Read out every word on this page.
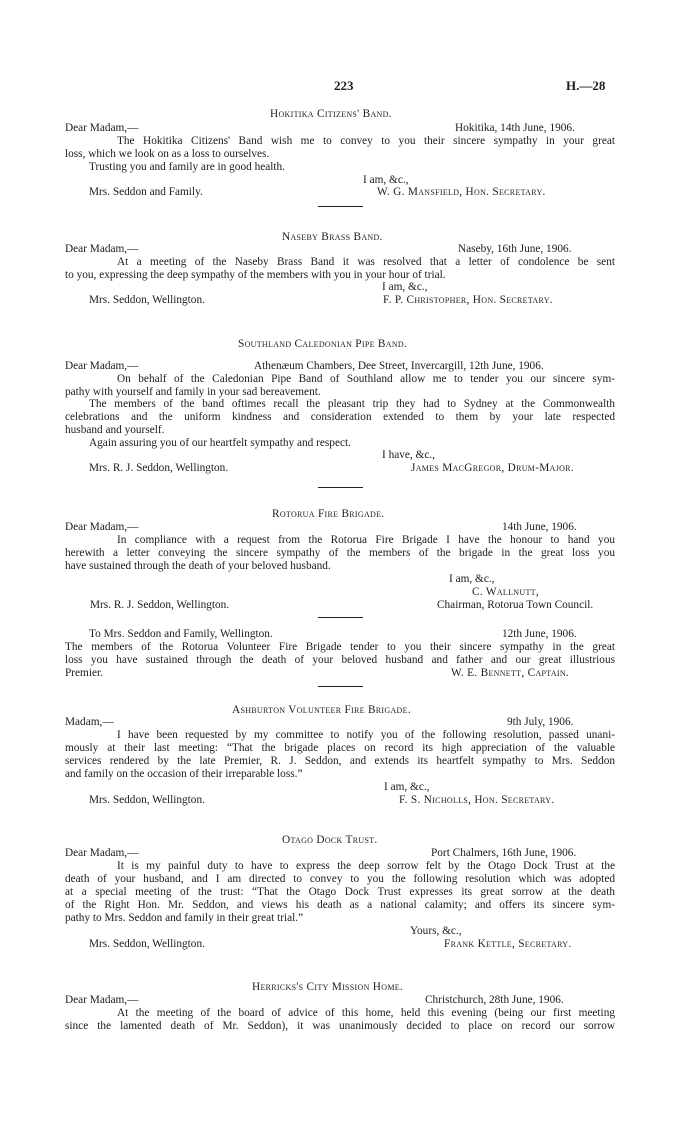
223	H.—28
Hokitika Citizens' Band.
Dear Madam,—	Hokitika, 14th June, 1906.
The Hokitika Citizens' Band wish me to convey to you their sincere sympathy in your great
loss, which we look on as a loss to ourselves.
Trusting you and family are in good health.
I am, &c.,
Mrs. Seddon and Family.	W. G. Mansfield, Hon. Secretary.
Naseby Brass Band.
Dear Madam,—	Naseby, 16th June, 1906.
At a meeting of the Naseby Brass Band it was resolved that a letter of condolence be sent
to you, expressing the deep sympathy of the members with you in your hour of trial.
I am, &c.,
Mrs. Seddon, Wellington.	F. P. Christopher, Hon. Secretary.
Southland Caledonian Pipe Band.
Dear Madam,—	Athenæum Chambers, Dee Street, Invercargill, 12th June, 1906.
On behalf of the Caledonian Pipe Band of Southland allow me to tender you our sincere sym-
pathy with yourself and family in your sad bereavement.
The members of the band oftimes recall the pleasant trip they had to Sydney at the Commonwealth
celebrations and the uniform kindness and consideration extended to them by your late respected
husband and yourself.
Again assuring you of our heartfelt sympathy and respect.
I have, &c.,
Mrs. R. J. Seddon, Wellington.	James MacGregor, Drum-Major.
Rotorua Fire Brigade.
Dear Madam,—	14th June, 1906.
In compliance with a request from the Rotorua Fire Brigade I have the honour to hand you
herewith a letter conveying the sincere sympathy of the members of the brigade in the great loss you
have sustained through the death of your beloved husband.
I am, &c.,
C. Wallnutt,
Mrs. R. J. Seddon, Wellington.	Chairman, Rotorua Town Council.
To Mrs. Seddon and Family, Wellington.	12th June, 1906.
The members of the Rotorua Volunteer Fire Brigade tender to you their sincere sympathy in the great
loss you have sustained through the death of your beloved husband and father and our great illustrious
Premier.	W. E. Bennett, Captain.
Ashburton Volunteer Fire Brigade.
Madam,—	9th July, 1906.
I have been requested by my committee to notify you of the following resolution, passed unani-
mously at their last meeting: “That the brigade places on record its high appreciation of the valuable
services rendered by the late Premier, R. J. Seddon, and extends its heartfelt sympathy to Mrs. Seddon
and family on the occasion of their irreparable loss.”
I am, &c.,
Mrs. Seddon, Wellington.	F. S. Nicholls, Hon. Secretary.
Otago Dock Trust.
Dear Madam,—	Port Chalmers, 16th June, 1906.
It is my painful duty to have to express the deep sorrow felt by the Otago Dock Trust at the
death of your husband, and I am directed to convey to you the following resolution which was adopted
at a special meeting of the trust: “That the Otago Dock Trust expresses its great sorrow at the death
of the Right Hon. Mr. Seddon, and views his death as a national calamity; and offers its sincere sym-
pathy to Mrs. Seddon and family in their great trial.”
Yours, &c.,
Mrs. Seddon, Wellington.	Frank Kettle, Secretary.
Herricks's City Mission Home.
Dear Madam,—	Christchurch, 28th June, 1906.
At the meeting of the board of advice of this home, held this evening (being our first meeting
since the lamented death of Mr. Seddon), it was unanimously decided to place on record our sorrow
